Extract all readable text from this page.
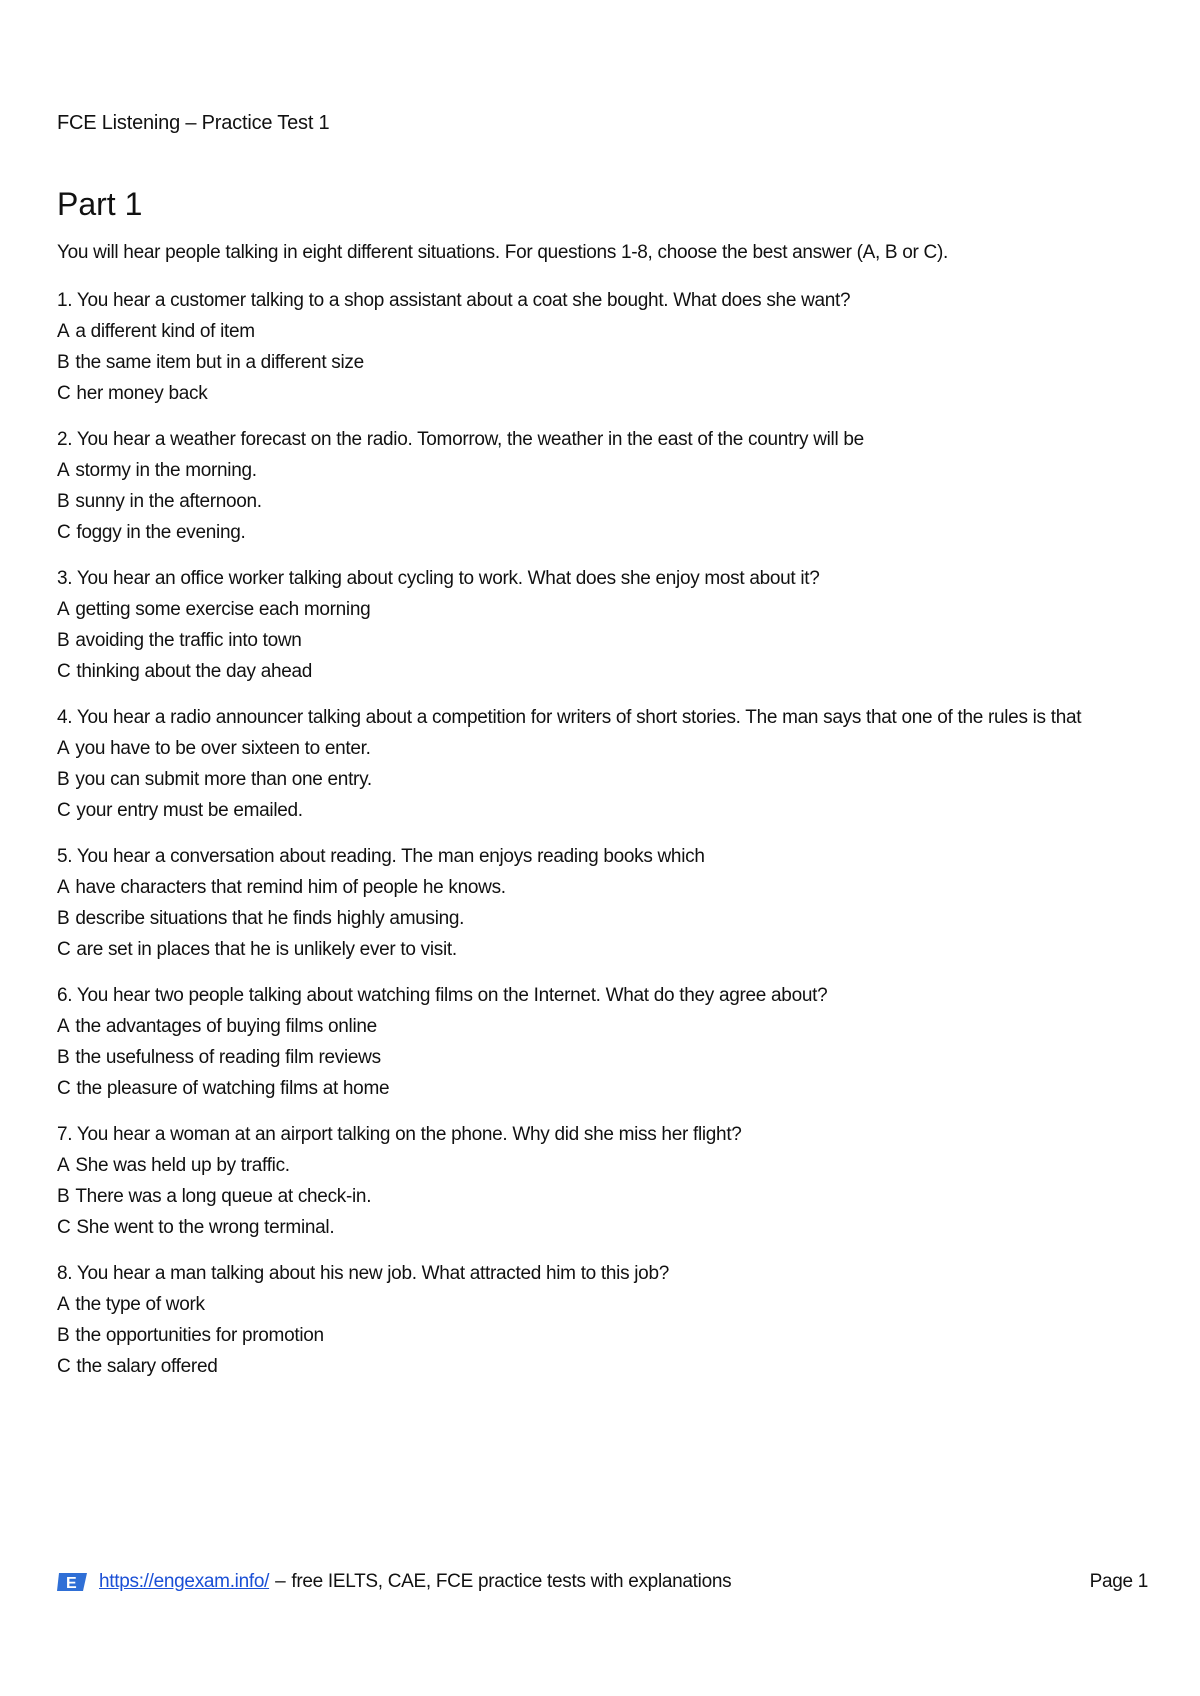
FCE Listening – Practice Test 1
Part 1
You will hear people talking in eight different situations. For questions 1-8, choose the best answer (A, B or C).
1. You hear a customer talking to a shop assistant about a coat she bought. What does she want?
A a different kind of item
B the same item but in a different size
C her money back
2. You hear a weather forecast on the radio. Tomorrow, the weather in the east of the country will be
A stormy in the morning.
B sunny in the afternoon.
C foggy in the evening.
3. You hear an office worker talking about cycling to work. What does she enjoy most about it?
A getting some exercise each morning
B avoiding the traffic into town
C thinking about the day ahead
4. You hear a radio announcer talking about a competition for writers of short stories. The man says that one of the rules is that
A you have to be over sixteen to enter.
B you can submit more than one entry.
C your entry must be emailed.
5. You hear a conversation about reading. The man enjoys reading books which
A have characters that remind him of people he knows.
B describe situations that he finds highly amusing.
C are set in places that he is unlikely ever to visit.
6. You hear two people talking about watching films on the Internet. What do they agree about?
A the advantages of buying films online
B the usefulness of reading film reviews
C the pleasure of watching films at home
7. You hear a woman at an airport talking on the phone. Why did she miss her flight?
A She was held up by traffic.
B There was a long queue at check-in.
C She went to the wrong terminal.
8. You hear a man talking about his new job. What attracted him to this job?
A the type of work
B the opportunities for promotion
C the salary offered
E https://engexam.info/ – free IELTS, CAE, FCE practice tests with explanations	Page 1
